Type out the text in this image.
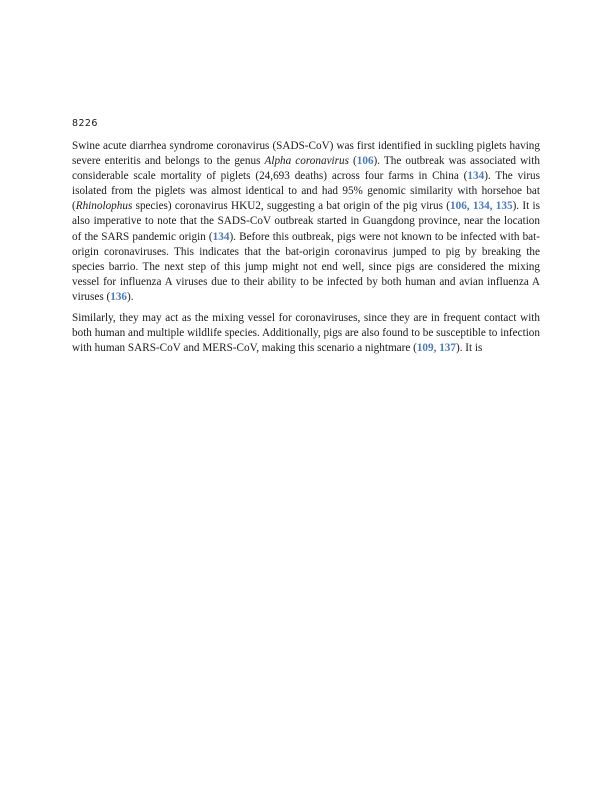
8226

Swine acute diarrhea syndrome coronavirus (SADS-CoV) was first identified in suckling piglets having severe enteritis and belongs to the genus Alpha coronavirus (106). The outbreak was associated with considerable scale mortality of piglets (24,693 deaths) across four farms in China (134). The virus isolated from the piglets was almost identical to and had 95% genomic similarity with horsehoe bat (Rhinolophus species) coronavirus HKU2, suggesting a bat origin of the pig virus (106, 134, 135). It is also imperative to note that the SADS-CoV outbreak started in Guangdong province, near the location of the SARS pandemic origin (134). Before this outbreak, pigs were not known to be infected with bat-origin coronaviruses. This indicates that the bat-origin coronavirus jumped to pig by breaking the species barrio. The next step of this jump might not end well, since pigs are considered the mixing vessel for influenza A viruses due to their ability to be infected by both human and avian influenza A viruses (136).

Similarly, they may act as the mixing vessel for coronaviruses, since they are in frequent contact with both human and multiple wildlife species. Additionally, pigs are also found to be susceptible to infection with human SARS-CoV and MERS-CoV, making this scenario a nightmare (109, 137). It is
